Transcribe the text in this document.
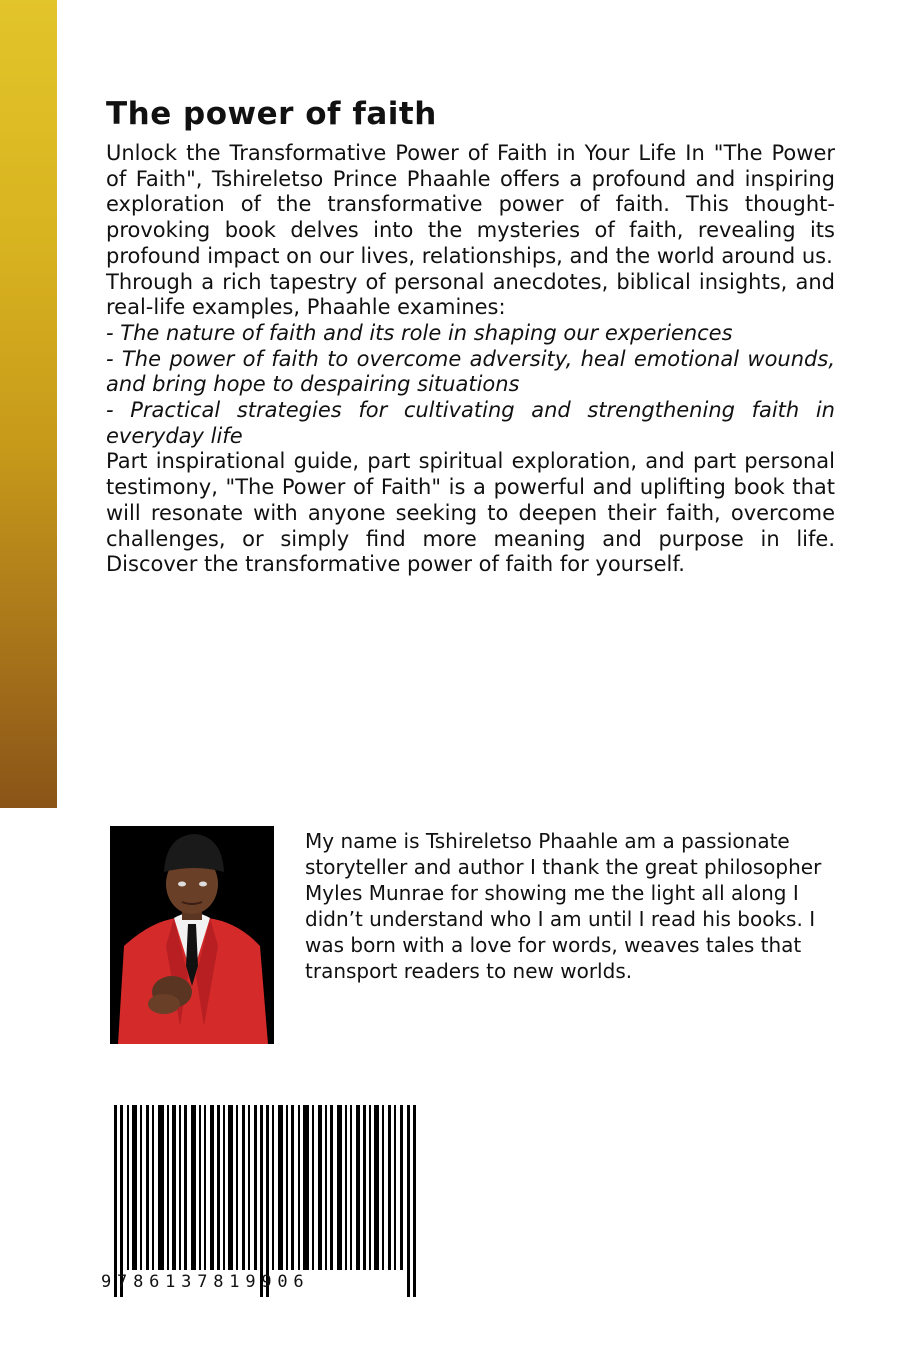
The power of faith

Unlock the Transformative Power of Faith in Your Life In "The Power of Faith", Tshireletso Prince Phaahle offers a profound and inspiring exploration of the transformative power of faith. This thought-provoking book delves into the mysteries of faith, revealing its profound impact on our lives, relationships, and the world around us.

Through a rich tapestry of personal anecdotes, biblical insights, and real-life examples, Phaahle examines:

- The nature of faith and its role in shaping our experiences

- The power of faith to overcome adversity, heal emotional wounds, and bring hope to despairing situations

- Practical strategies for cultivating and strengthening faith in everyday life

Part inspirational guide, part spiritual exploration, and part personal testimony, "The Power of Faith" is a powerful and uplifting book that will resonate with anyone seeking to deepen their faith, overcome challenges, or simply find more meaning and purpose in life. Discover the transformative power of faith for yourself.

My name is Tshireletso Phaahle am a passionate storyteller and author I thank the great philosopher Myles Munrae for showing me the light all along I didn’t understand who I am until I read his books. I was born with a love for words, weaves tales that transport readers to new worlds.

9786137819906
